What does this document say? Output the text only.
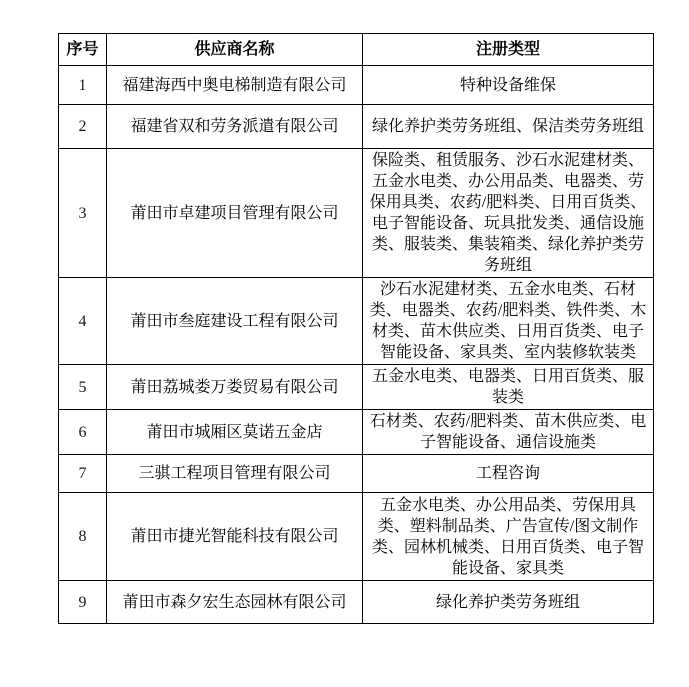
序号	供应商名称	注册类型
1	福建海西中奥电梯制造有限公司	特种设备维保
2	福建省双和劳务派遣有限公司	绿化养护类劳务班组、保洁类劳务班组
3	莆田市卓建项目管理有限公司	保险类、租赁服务、沙石水泥建材类、五金水电类、办公用品类、电器类、劳保用具类、农药/肥料类、日用百货类、电子智能设备、玩具批发类、通信设施类、服装类、集装箱类、绿化养护类劳务班组
4	莆田市叁庭建设工程有限公司	沙石水泥建材类、五金水电类、石材类、电器类、农药/肥料类、铁件类、木材类、苗木供应类、日用百货类、电子智能设备、家具类、室内装修软装类
5	莆田荔城娄万娄贸易有限公司	五金水电类、电器类、日用百货类、服装类
6	莆田市城厢区莫诺五金店	石材类、农药/肥料类、苗木供应类、电子智能设备、通信设施类
7	三骐工程项目管理有限公司	工程咨询
8	莆田市捷光智能科技有限公司	五金水电类、办公用品类、劳保用具类、塑料制品类、广告宣传/图文制作类、园林机械类、日用百货类、电子智能设备、家具类
9	莆田市森夕宏生态园林有限公司	绿化养护类劳务班组
